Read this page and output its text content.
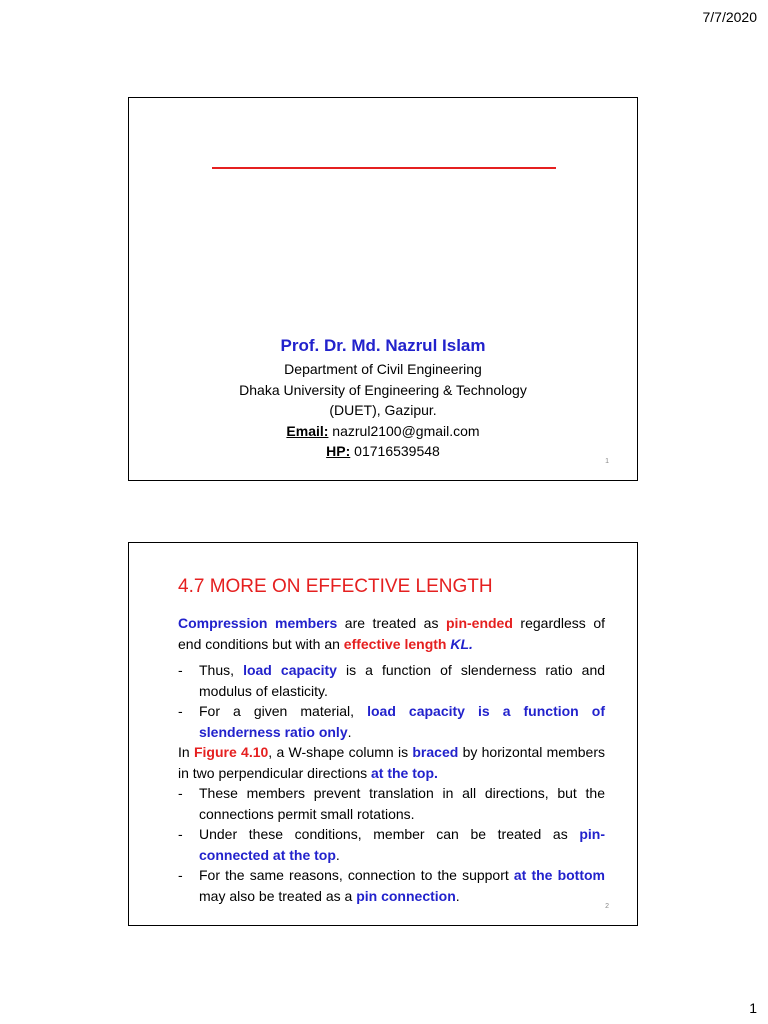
7/7/2020
Prof. Dr. Md. Nazrul Islam
Department of Civil Engineering
Dhaka University of Engineering & Technology
(DUET), Gazipur.
Email: nazrul2100@gmail.com
HP: 01716539548
1
4.7 MORE ON EFFECTIVE LENGTH

Compression members are treated as pin-ended regardless of end conditions but with an effective length KL.

- Thus, load capacity is a function of slenderness ratio and modulus of elasticity.

- For a given material, load capacity is a function of slenderness ratio only.

In Figure 4.10, a W-shape column is braced by horizontal members in two perpendicular directions at the top.

- These members prevent translation in all directions, but the connections permit small rotations.

- Under these conditions, member can be treated as pin-connected at the top.

- For the same reasons, connection to the support at the bottom may also be treated as a pin connection.

2
1
